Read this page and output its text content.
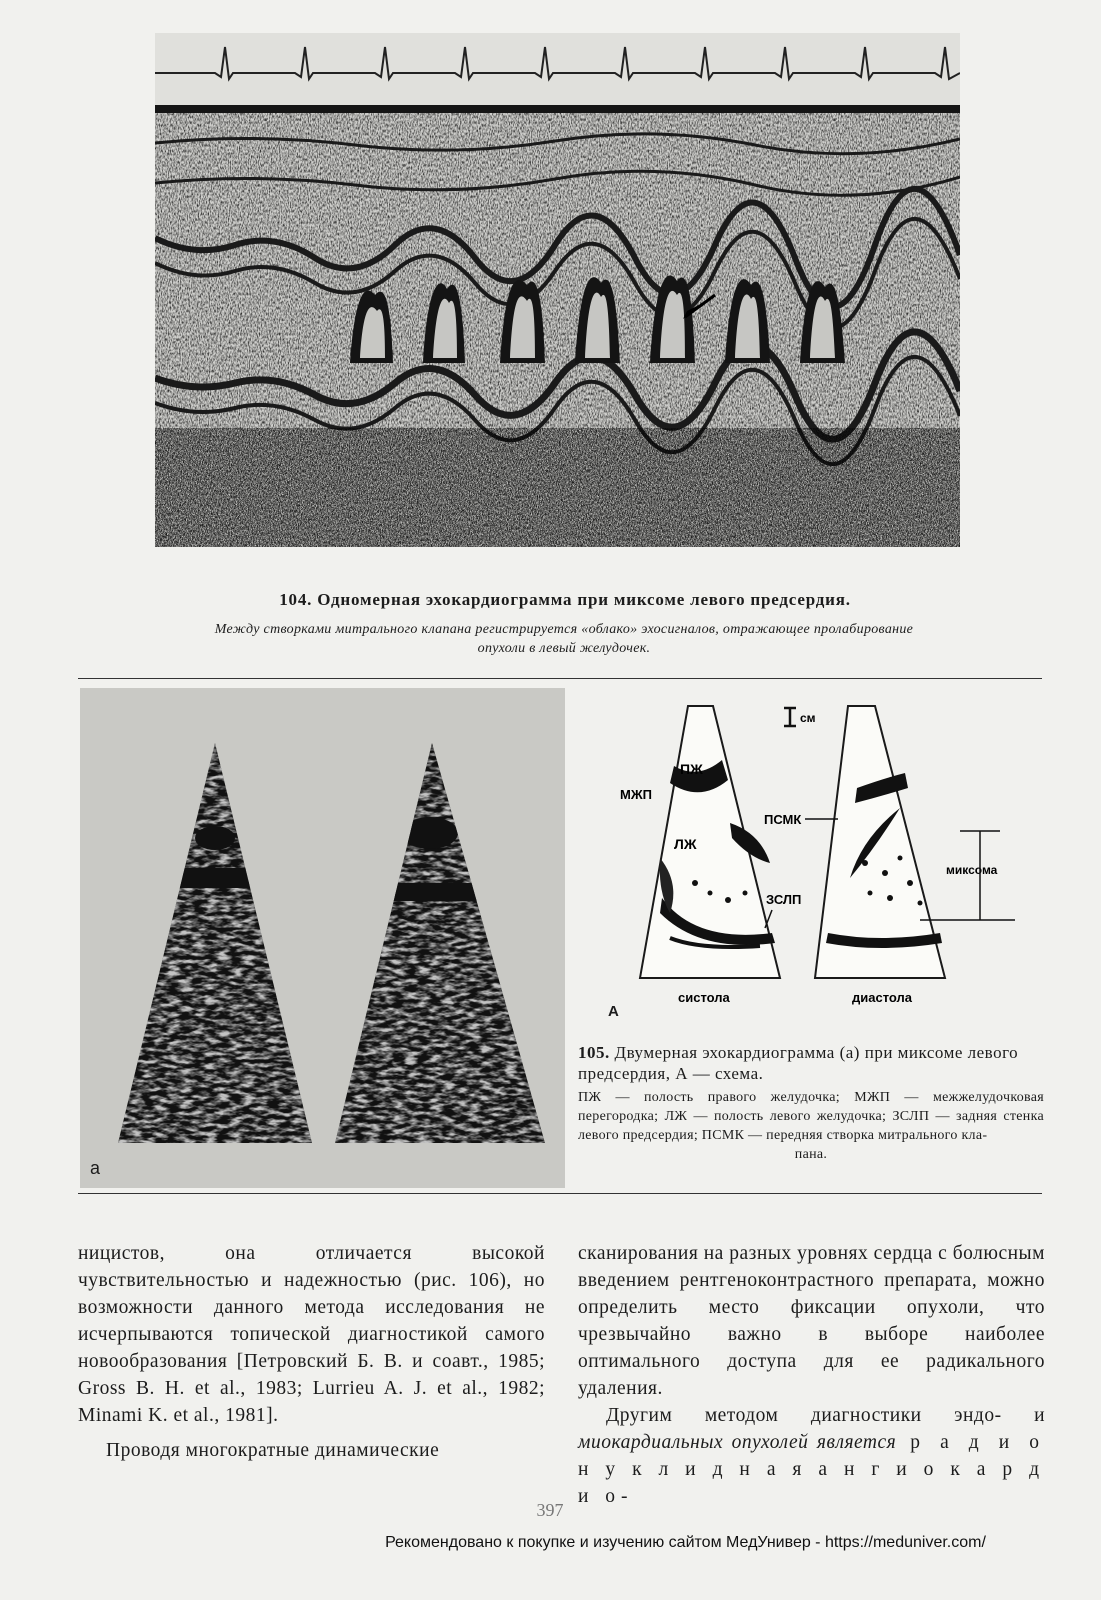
104. Одномерная эхокардиограмма при миксоме левого предсердия.
Между створками митрального клапана регистрируется «облако» эхосигналов, отражающее пролабирование
опухоли в левый желудочек.
а
см
ПЖ
МЖП
ЛЖ
ПСМК
ЗСЛП
миксома
систола	диастола
А
105. Двумерная эхокардиограмма (а) при миксоме левого предсердия, А — схема.
ПЖ — полость правого желудочка; МЖП — межжелудочковая перегородка; ЛЖ — полость левого желудочка; ЗСЛП — задняя стенка левого предсердия; ПСМК — передняя створка митрального кла-
пана.

ницистов, она отличается высокой чувствительностью и надежностью (рис. 106), но возможности данного метода исследования не исчерпываются топической диагностикой самого новообразования [Петровский Б. В. и соавт., 1985; Gross B. H. et al., 1983; Lurrieu A. J. et al., 1982; Minami K. et al., 1981].

Проводя многократные динамические

сканирования на разных уровнях сердца с болюсным введением рентгеноконтрастного препарата, можно определить место фиксации опухоли, что чрезвычайно важно в выборе наиболее оптимального доступа для ее радикального удаления.

Другим методом диагностики эндо- и миокардиальных опухолей является р а д и о н у к л и д н а я а н г и о к а р д и о-

397
Рекомендовано к покупке и изучению сайтом МедУнивер - https://meduniver.com/
